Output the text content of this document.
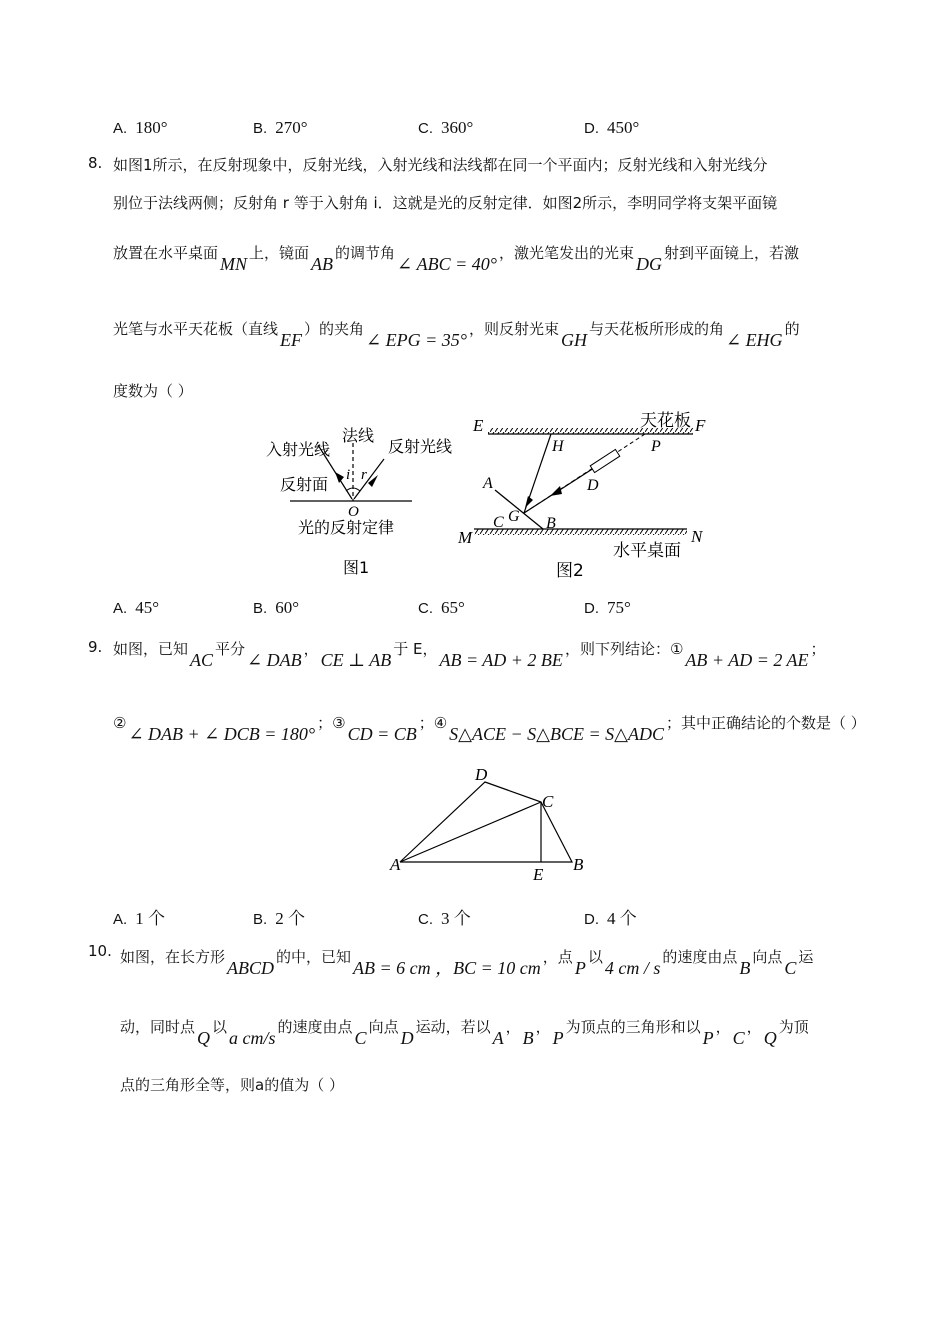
A. 180°	B. 270°	C. 360°	D. 450°
8. 如图1所示，在反射现象中，反射光线，入射光线和法线都在同一个平面内；反射光线和入射光线分
别位于法线两侧；反射角 r 等于入射角 i．这就是光的反射定律．如图2所示，李明同学将支架平面镜
放置在水平桌面MN上，镜面AB的调节角∠ ABC = 40°，激光笔发出的光束DG射到平面镜上，若激
光笔与水平天花板（直线EF）的夹角∠ EPG = 35°，则反射光束GH与天花板所形成的角∠ EHG的
度数为（ ）
入射光线
法线
反射光线
反射面 i r
O
光的反射定律
图1
E	天花板 F
H	P
A	D
C G B
M	N
水平桌面
图2
A. 45°	B. 60°	C. 65°	D. 75°
9. 如图，已知AC平分∠ DAB，CE ⊥ AB于 E，AB = AD + 2 BE，则下列结论：①AB + AD = 2 AE；
②∠ DAB + ∠ DCB = 180°；③CD = CB；④S△ACE − S△BCE = S△ADC；其中正确结论的个数是（ ）
A
D
C
E
B
A. 1 个	B. 2 个	C. 3 个	D. 4 个
10. 如图，在长方形ABCD的中，已知AB = 6 cm ，BC = 10 cm，点P以4 cm / s的速度由点B向点C运
动，同时点Q以a cm/s的速度由点C向点D运动，若以A，B，P为顶点的三角形和以P，C，Q为顶
点的三角形全等，则a的值为（ ）
